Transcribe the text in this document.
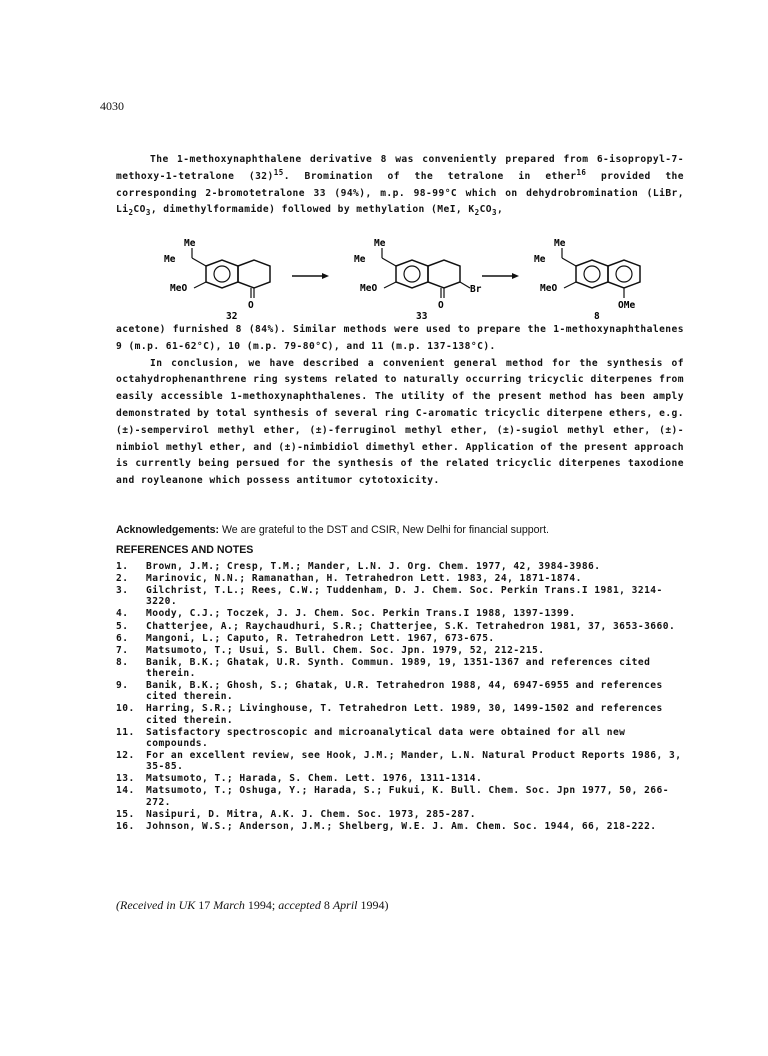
4030

The 1-methoxynaphthalene derivative 8 was conveniently prepared from 6-isopropyl-7-methoxy-1-tetralone $(32)^{15}$. Bromination of the tetralone in ether$^{16}$ provided the corresponding 2-bromotetralone 33 (94%), m.p. 98-99°C which on dehydrobromination (LiBr, $Li_2CO_3$, dimethylformamide) followed by methylation (MeI, $K_2CO_3$,

Me
Me
MeO
O
32
Me
Me
MeO
O
Br
33
Me
Me
MeO
OMe
8

acetone) furnished 8 (84%). Similar methods were used to prepare the 1-methoxynaphthalenes 9 (m.p. 61-62°C), 10 (m.p. 79-80°C), and 11 (m.p. 137-138°C).

In conclusion, we have described a convenient general method for the synthesis of octahydrophenanthrene ring systems related to naturally occurring tricyclic diterpenes from easily accessible 1-methoxynaphthalenes. The utility of the present method has been amply demonstrated by total synthesis of several ring C-aromatic tricyclic diterpene ethers, e.g. (±)-sempervirol methyl ether, (±)-ferruginol methyl ether, (±)-sugiol methyl ether, (±)-nimbiol methyl ether, and (±)-nimbidiol dimethyl ether. Application of the present approach is currently being persued for the synthesis of the related tricyclic diterpenes taxodione and royleanone which possess antitumor cytotoxicity.

Acknowledgements: We are grateful to the DST and CSIR, New Delhi for financial support.
REFERENCES AND NOTES
1.	Brown, J.M.; Cresp, T.M.; Mander, L.N. J. Org. Chem. 1977, 42, 3984-3986.
2.	Marinovic, N.N.; Ramanathan, H. Tetrahedron Lett. 1983, 24, 1871-1874.
3.	Gilchrist, T.L.; Rees, C.W.; Tuddenham, D. J. Chem. Soc. Perkin Trans.I 1981, 3214-3220.
4.	Moody, C.J.; Toczek, J. J. Chem. Soc. Perkin Trans.I 1988, 1397-1399.
5.	Chatterjee, A.; Raychaudhuri, S.R.; Chatterjee, S.K. Tetrahedron 1981, 37, 3653-3660.
6.	Mangoni, L.; Caputo, R. Tetrahedron Lett. 1967, 673-675.
7.	Matsumoto, T.; Usui, S. Bull. Chem. Soc. Jpn. 1979, 52, 212-215.
8.	Banik, B.K.; Ghatak, U.R. Synth. Commun. 1989, 19, 1351-1367 and references cited therein.
9.	Banik, B.K.; Ghosh, S.; Ghatak, U.R. Tetrahedron 1988, 44, 6947-6955 and references cited therein.
10.	Harring, S.R.; Livinghouse, T. Tetrahedron Lett. 1989, 30, 1499-1502 and references cited therein.
11.	Satisfactory spectroscopic and microanalytical data were obtained for all new compounds.
12.	For an excellent review, see Hook, J.M.; Mander, L.N. Natural Product Reports 1986, 3, 35-85.
13.	Matsumoto, T.; Harada, S. Chem. Lett. 1976, 1311-1314.
14.	Matsumoto, T.; Oshuga, Y.; Harada, S.; Fukui, K. Bull. Chem. Soc. Jpn 1977, 50, 266-272.
15.	Nasipuri, D. Mitra, A.K. J. Chem. Soc. 1973, 285-287.
16.	Johnson, W.S.; Anderson, J.M.; Shelberg, W.E. J. Am. Chem. Soc. 1944, 66, 218-222.
(Received in UK 17 March 1994; accepted 8 April 1994)
